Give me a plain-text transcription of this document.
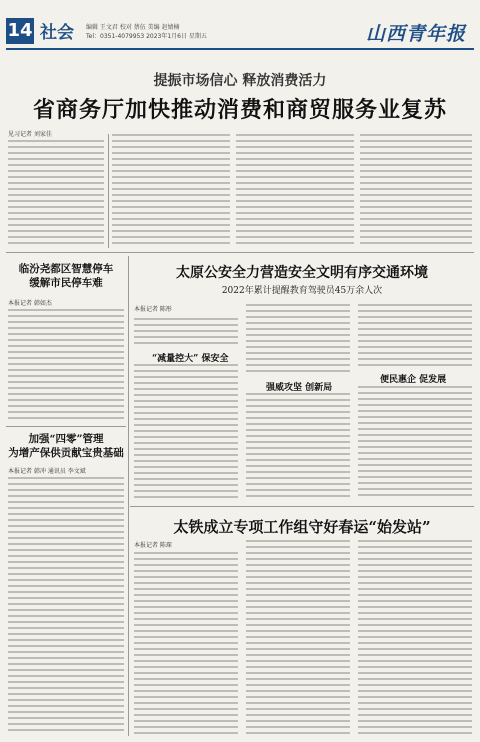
14 社会 编辑 王文君 校对 蔡伍 美编 赵婧楠
Tel：0351-4079953 2023年1月6日 星期五	山西青年报
提振市场信心 释放消费活力
省商务厅加快推动消费和商贸服务业复苏
见习记者 刘家佳
临汾尧都区智慧停车
缓解市民停车难
本报记者 韩如杰
加强“四零”管理
为增产保供贡献宝贵基础
本报记者 韩冲 通讯员 李文斌
太原公安全力营造安全文明有序交通环境
2022年累计提醒教育驾驶员45万余人次
本报记者 陈彤
“减量控大” 保安全
强威攻坚 创新局
便民惠企 促发展
太铁成立专项工作组守好春运“始发站”
本报记者 陈琛
